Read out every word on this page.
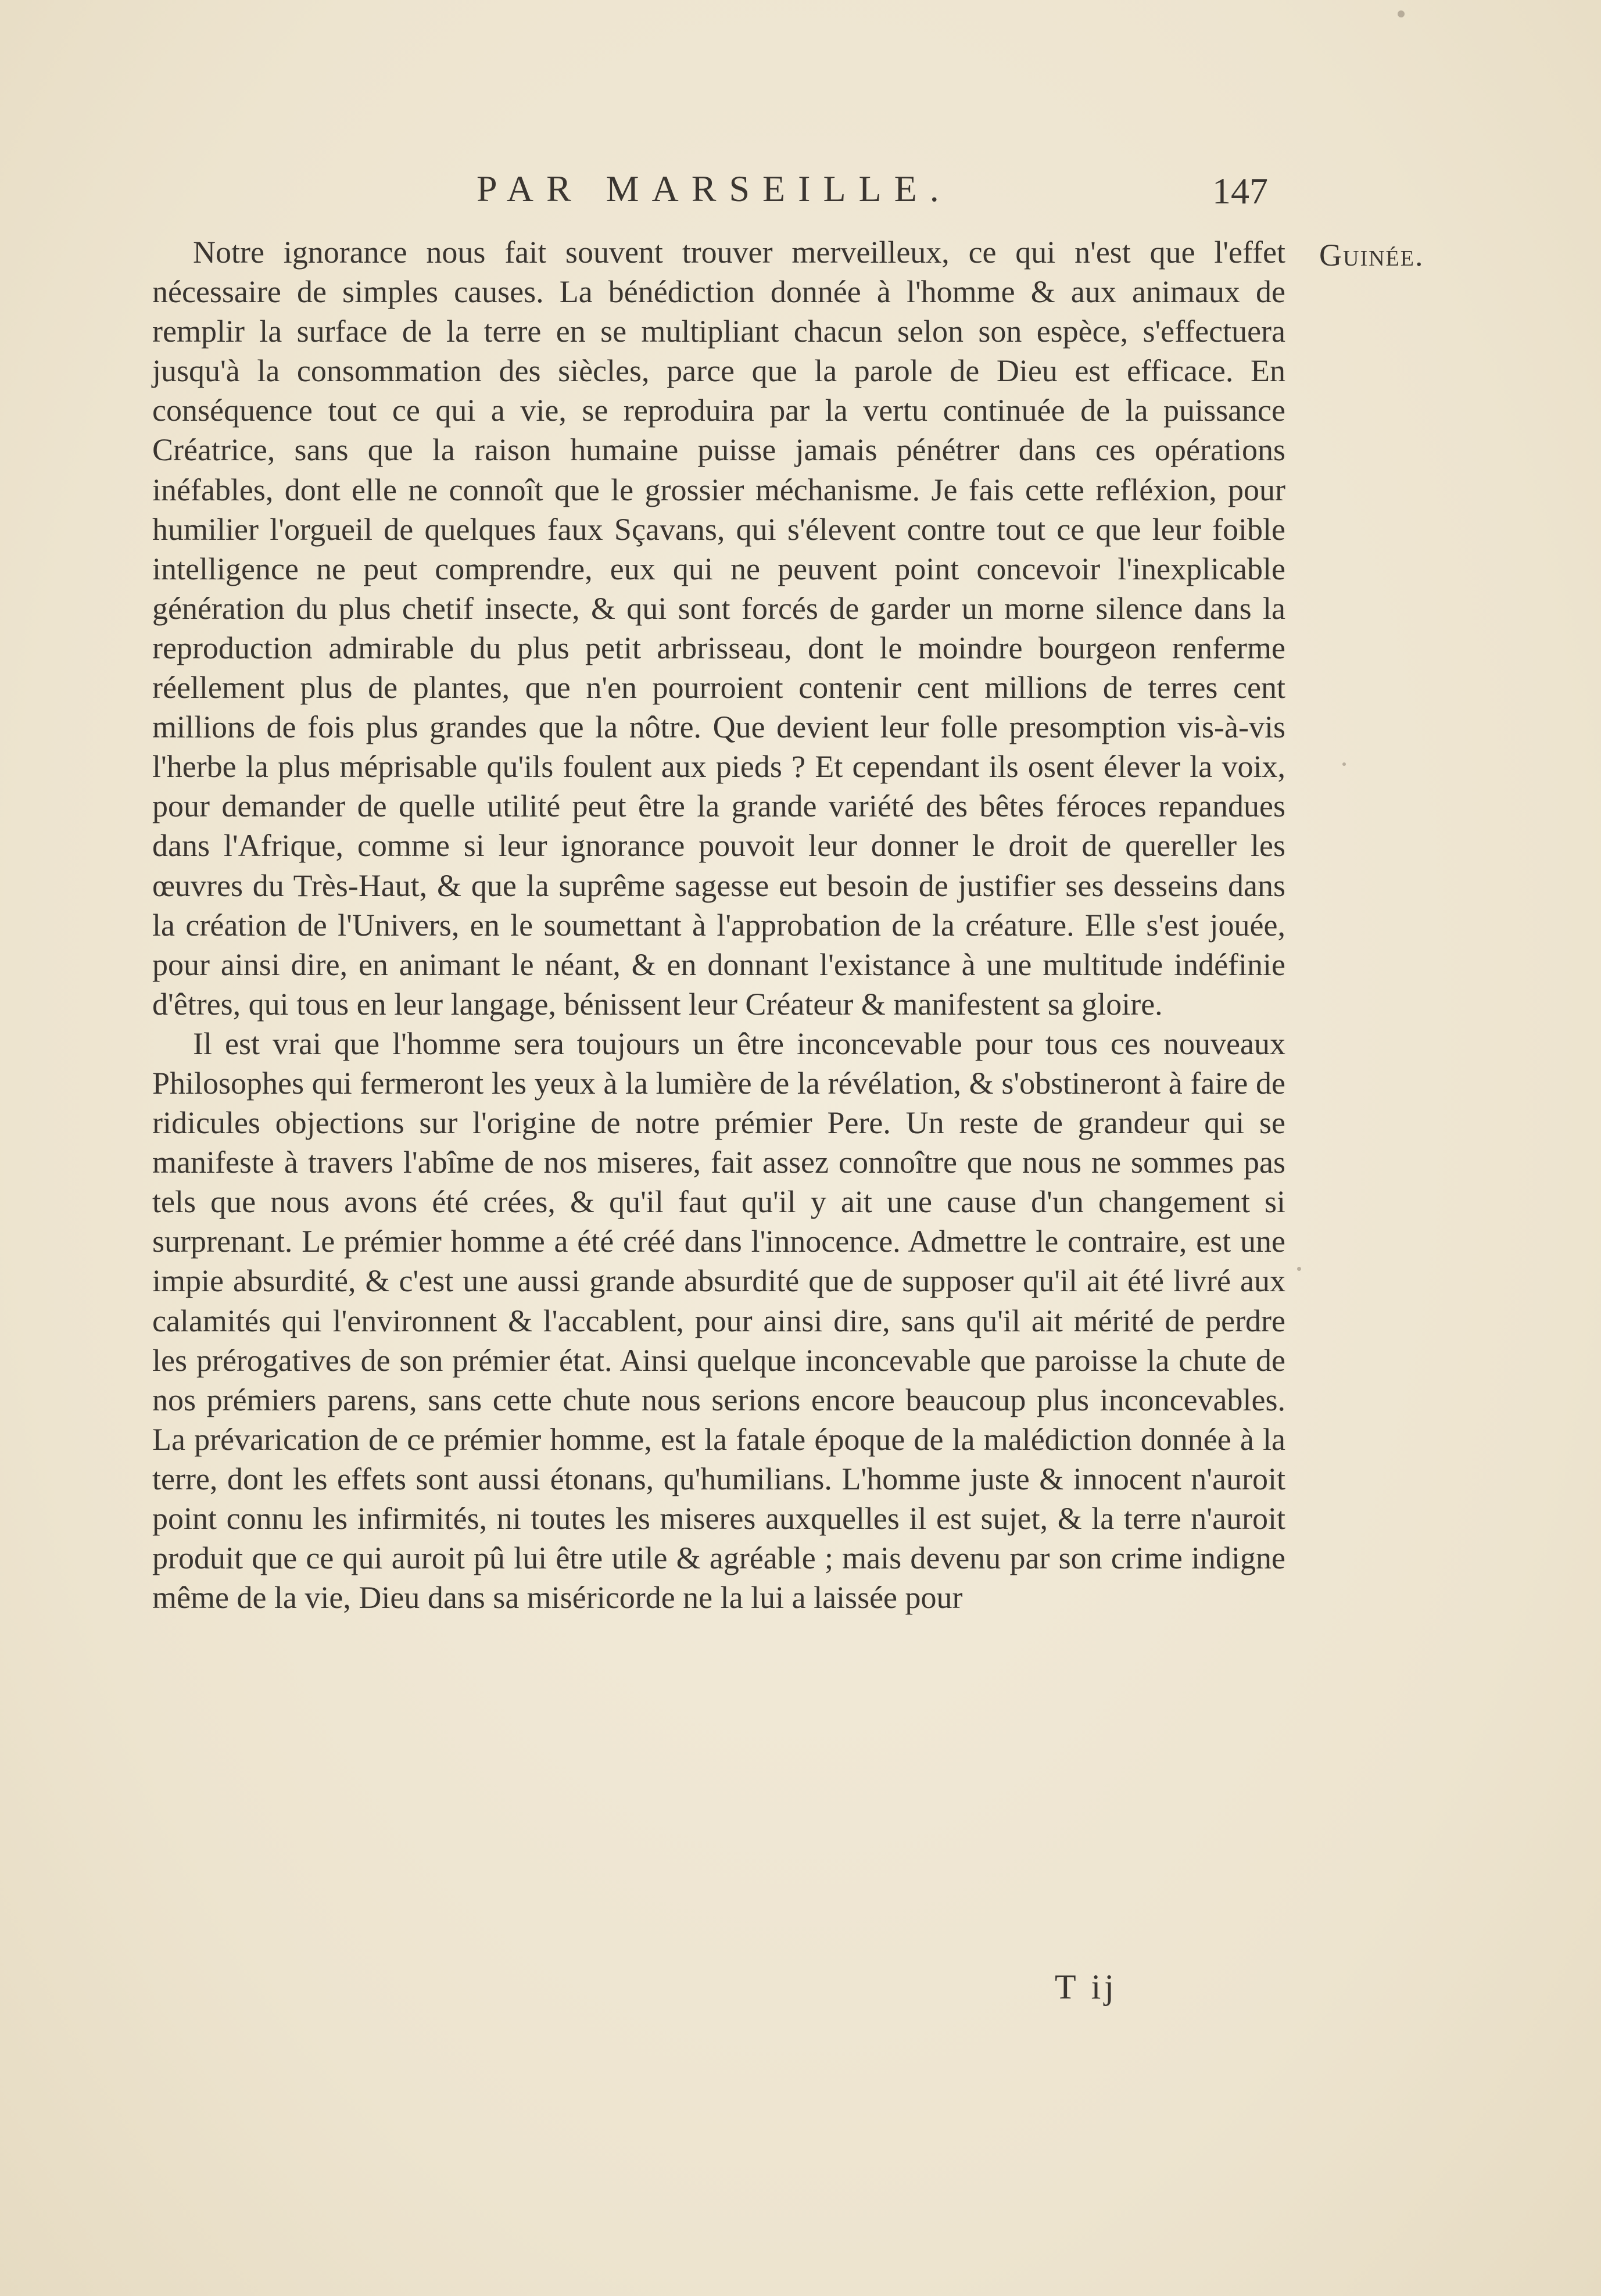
PAR MARSEILLE.	147
Guinée.

Notre ignorance nous fait souvent trouver merveilleux, ce qui n'est que l'effet nécessaire de simples causes. La bénédiction donnée à l'homme & aux animaux de remplir la surface de la terre en se multipliant chacun selon son espèce, s'effectuera jusqu'à la consommation des siècles, parce que la parole de Dieu est efficace. En conséquence tout ce qui a vie, se reproduira par la vertu continuée de la puissance Créatrice, sans que la raison humaine puisse jamais pénétrer dans ces opérations inéfables, dont elle ne connoît que le grossier méchanisme. Je fais cette refléxion, pour humilier l'orgueil de quelques faux Sçavans, qui s'élevent contre tout ce que leur foible intelligence ne peut comprendre, eux qui ne peuvent point concevoir l'inexplicable génération du plus chetif insecte, & qui sont forcés de garder un morne silence dans la reproduction admirable du plus petit arbrisseau, dont le moindre bourgeon renferme réellement plus de plantes, que n'en pourroient contenir cent millions de terres cent millions de fois plus grandes que la nôtre. Que devient leur folle presomption vis-à-vis l'herbe la plus méprisable qu'ils foulent aux pieds ? Et cependant ils osent élever la voix, pour demander de quelle utilité peut être la grande variété des bêtes féroces repandues dans l'Afrique, comme si leur ignorance pouvoit leur donner le droit de quereller les œuvres du Très-Haut, & que la suprême sagesse eut besoin de justifier ses desseins dans la création de l'Univers, en le soumettant à l'approbation de la créature. Elle s'est jouée, pour ainsi dire, en animant le néant, & en donnant l'existance à une multitude indéfinie d'êtres, qui tous en leur langage, bénissent leur Créateur & manifestent sa gloire.

Il est vrai que l'homme sera toujours un être inconcevable pour tous ces nouveaux Philosophes qui fermeront les yeux à la lumière de la révélation, & s'obstineront à faire de ridicules objections sur l'origine de notre prémier Pere. Un reste de grandeur qui se manifeste à travers l'abîme de nos miseres, fait assez connoître que nous ne sommes pas tels que nous avons été crées, & qu'il faut qu'il y ait une cause d'un changement si surprenant. Le prémier homme a été créé dans l'innocence. Admettre le contraire, est une impie absurdité, & c'est une aussi grande absurdité que de supposer qu'il ait été livré aux calamités qui l'environnent & l'accablent, pour ainsi dire, sans qu'il ait mérité de perdre les prérogatives de son prémier état. Ainsi quelque inconcevable que paroisse la chute de nos prémiers parens, sans cette chute nous serions encore beaucoup plus inconcevables. La prévarication de ce prémier homme, est la fatale époque de la malédiction donnée à la terre, dont les effets sont aussi étonans, qu'humilians. L'homme juste & innocent n'auroit point connu les infirmités, ni toutes les miseres auxquelles il est sujet, & la terre n'auroit produit que ce qui auroit pû lui être utile & agréable ; mais devenu par son crime indigne même de la vie, Dieu dans sa miséricorde ne la lui a laissée pour

T ij
